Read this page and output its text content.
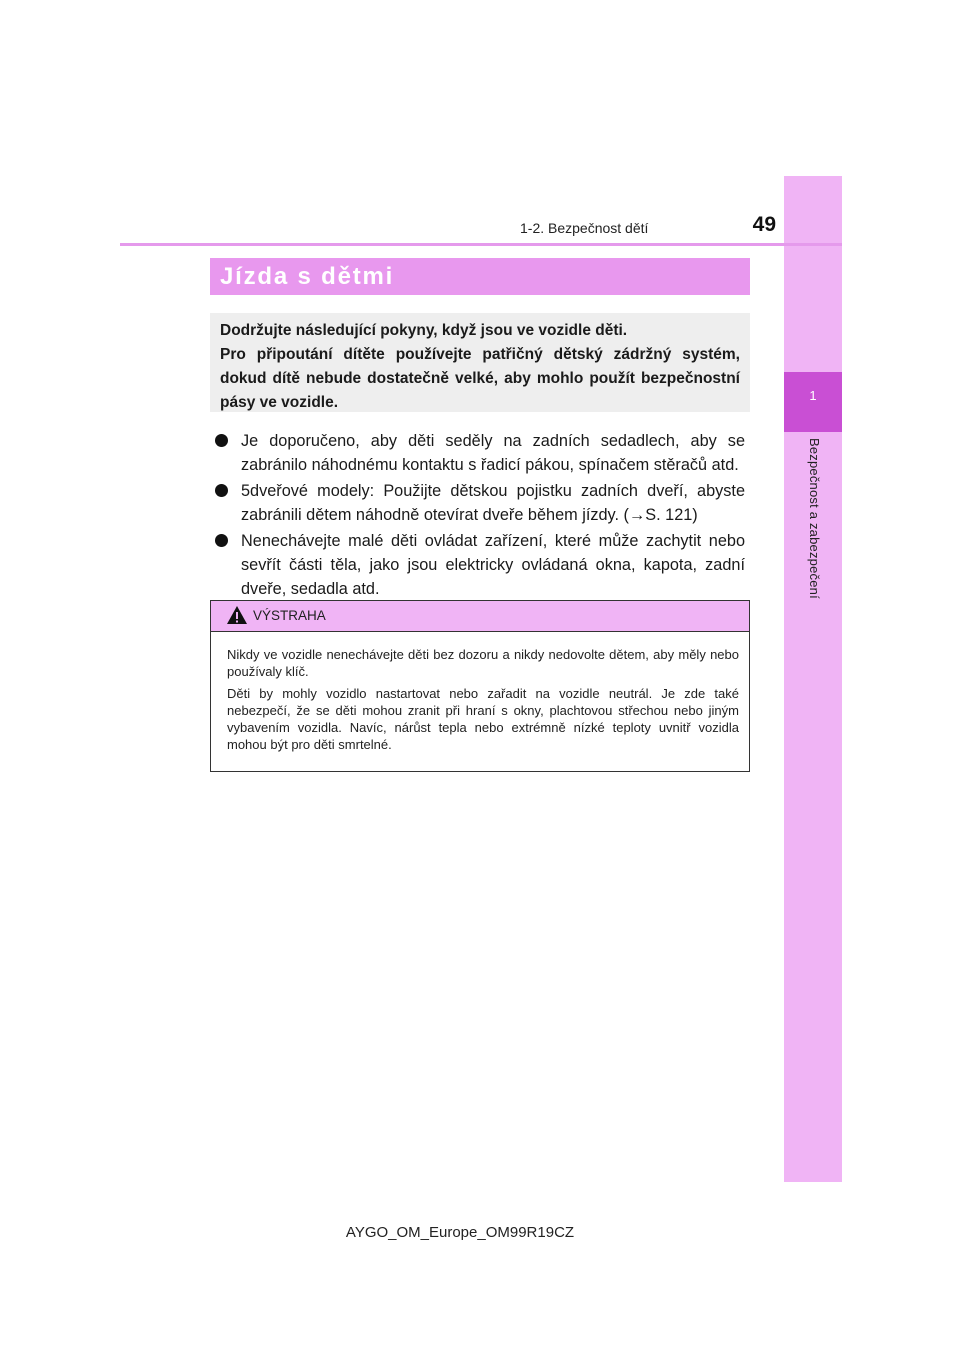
1
Bezpečnost a zabezpečení
1-2. Bezpečnost dětí	49
Jízda s dětmi

Dodržujte následující pokyny, když jsou ve vozidle děti.

Pro připoutání dítěte používejte patřičný dětský zádržný systém, dokud dítě nebude dostatečně velké, aby mohlo použít bezpečnostní pásy ve vozidle.

Je doporučeno, aby děti seděly na zadních sedadlech, aby se zabránilo náhodnému kontaktu s řadicí pákou, spínačem stěračů atd.
5dveřové modely: Použijte dětskou pojistku zadních dveří, abyste zabránili dětem náhodně otevírat dveře během jízdy. (→S. 121)
Nenechávejte malé děti ovládat zařízení, které může zachytit nebo sevřít části těla, jako jsou elektricky ovládaná okna, kapota, zadní dveře, sedadla atd.
VÝSTRAHA

Nikdy ve vozidle nenechávejte děti bez dozoru a nikdy nedovolte dětem, aby měly nebo používaly klíč.

Děti by mohly vozidlo nastartovat nebo zařadit na vozidle neutrál. Je zde také nebezpečí, že se děti mohou zranit při hraní s okny, plachtovou střechou nebo jiným vybavením vozidla. Navíc, nárůst tepla nebo extrémně nízké teploty uvnitř vozidla mohou být pro děti smrtelné.

AYGO_OM_Europe_OM99R19CZ
